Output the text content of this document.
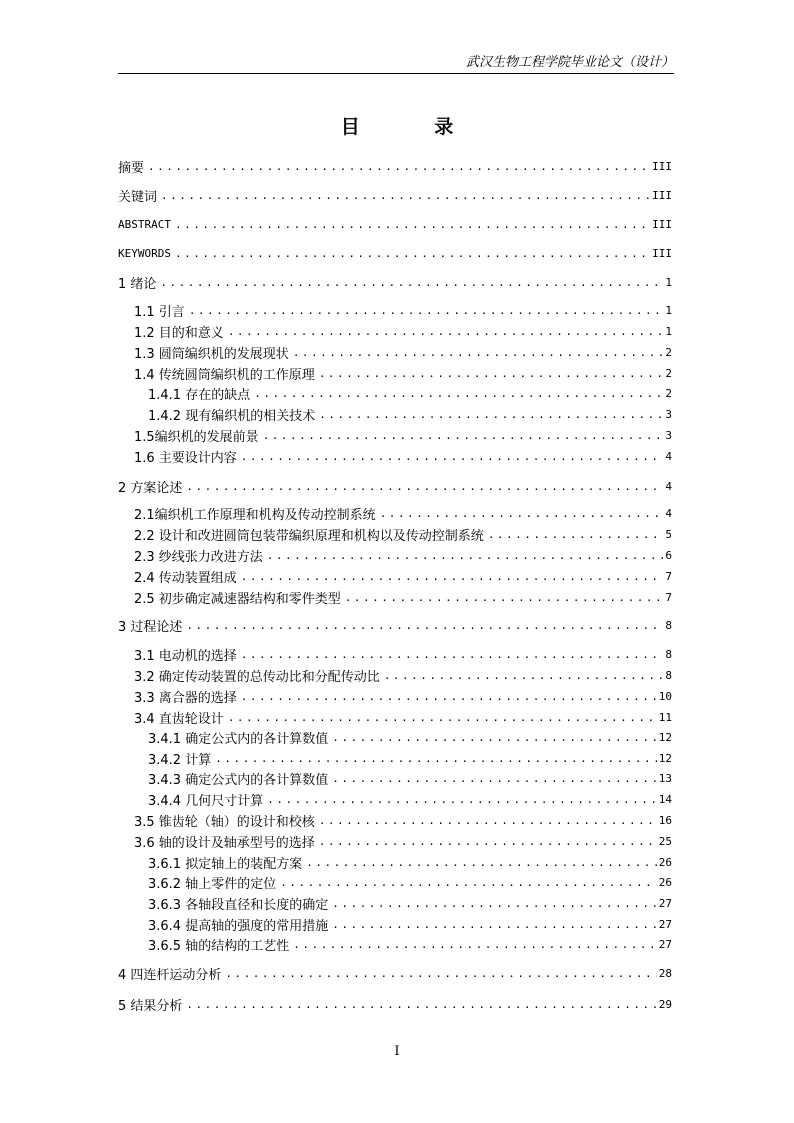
武汉生物工程学院毕业论文（设计）
目 录
摘要 .....	III
关键词 .....	III
ABSTRACT .....	III
KEYWORDS .....	III
1 绪论 .....	1
1.1 引言 .....	1
1.2 目的和意义 .....	1
1.3 圆筒编织机的发展现状 .....	2
1.4 传统圆筒编织机的工作原理 .....	2
1.4.1 存在的缺点 .....	2
1.4.2 现有编织机的相关技术 .....	3
1.5编织机的发展前景 .....	3
1.6 主要设计内容 .....	4
2 方案论述 .....	4
2.1编织机工作原理和机构及传动控制系统 .....	4
2.2 设计和改进圆筒包装带编织原理和机构以及传动控制系统 .....	5
2.3 纱线张力改进方法 .....	6
2.4 传动装置组成 .....	7
2.5 初步确定减速器结构和零件类型 .....	7
3 过程论述 .....	8
3.1 电动机的选择 .....	8
3.2 确定传动装置的总传动比和分配传动比 .....	8
3.3 离合器的选择 .....	10
3.4 直齿轮设计 .....	11
3.4.1 确定公式内的各计算数值 .....	12
3.4.2 计算 .....	12
3.4.3 确定公式内的各计算数值 .....	13
3.4.4 几何尺寸计算 .....	14
3.5 锥齿轮（轴）的设计和校核 .....	16
3.6 轴的设计及轴承型号的选择 .....	25
3.6.1 拟定轴上的装配方案 .....	26
3.6.2 轴上零件的定位 .....	26
3.6.3 各轴段直径和长度的确定 .....	27
3.6.4 提高轴的强度的常用措施 .....	27
3.6.5 轴的结构的工艺性 .....	27
4 四连杆运动分析 .....	28
5 结果分析 .....	29
I
